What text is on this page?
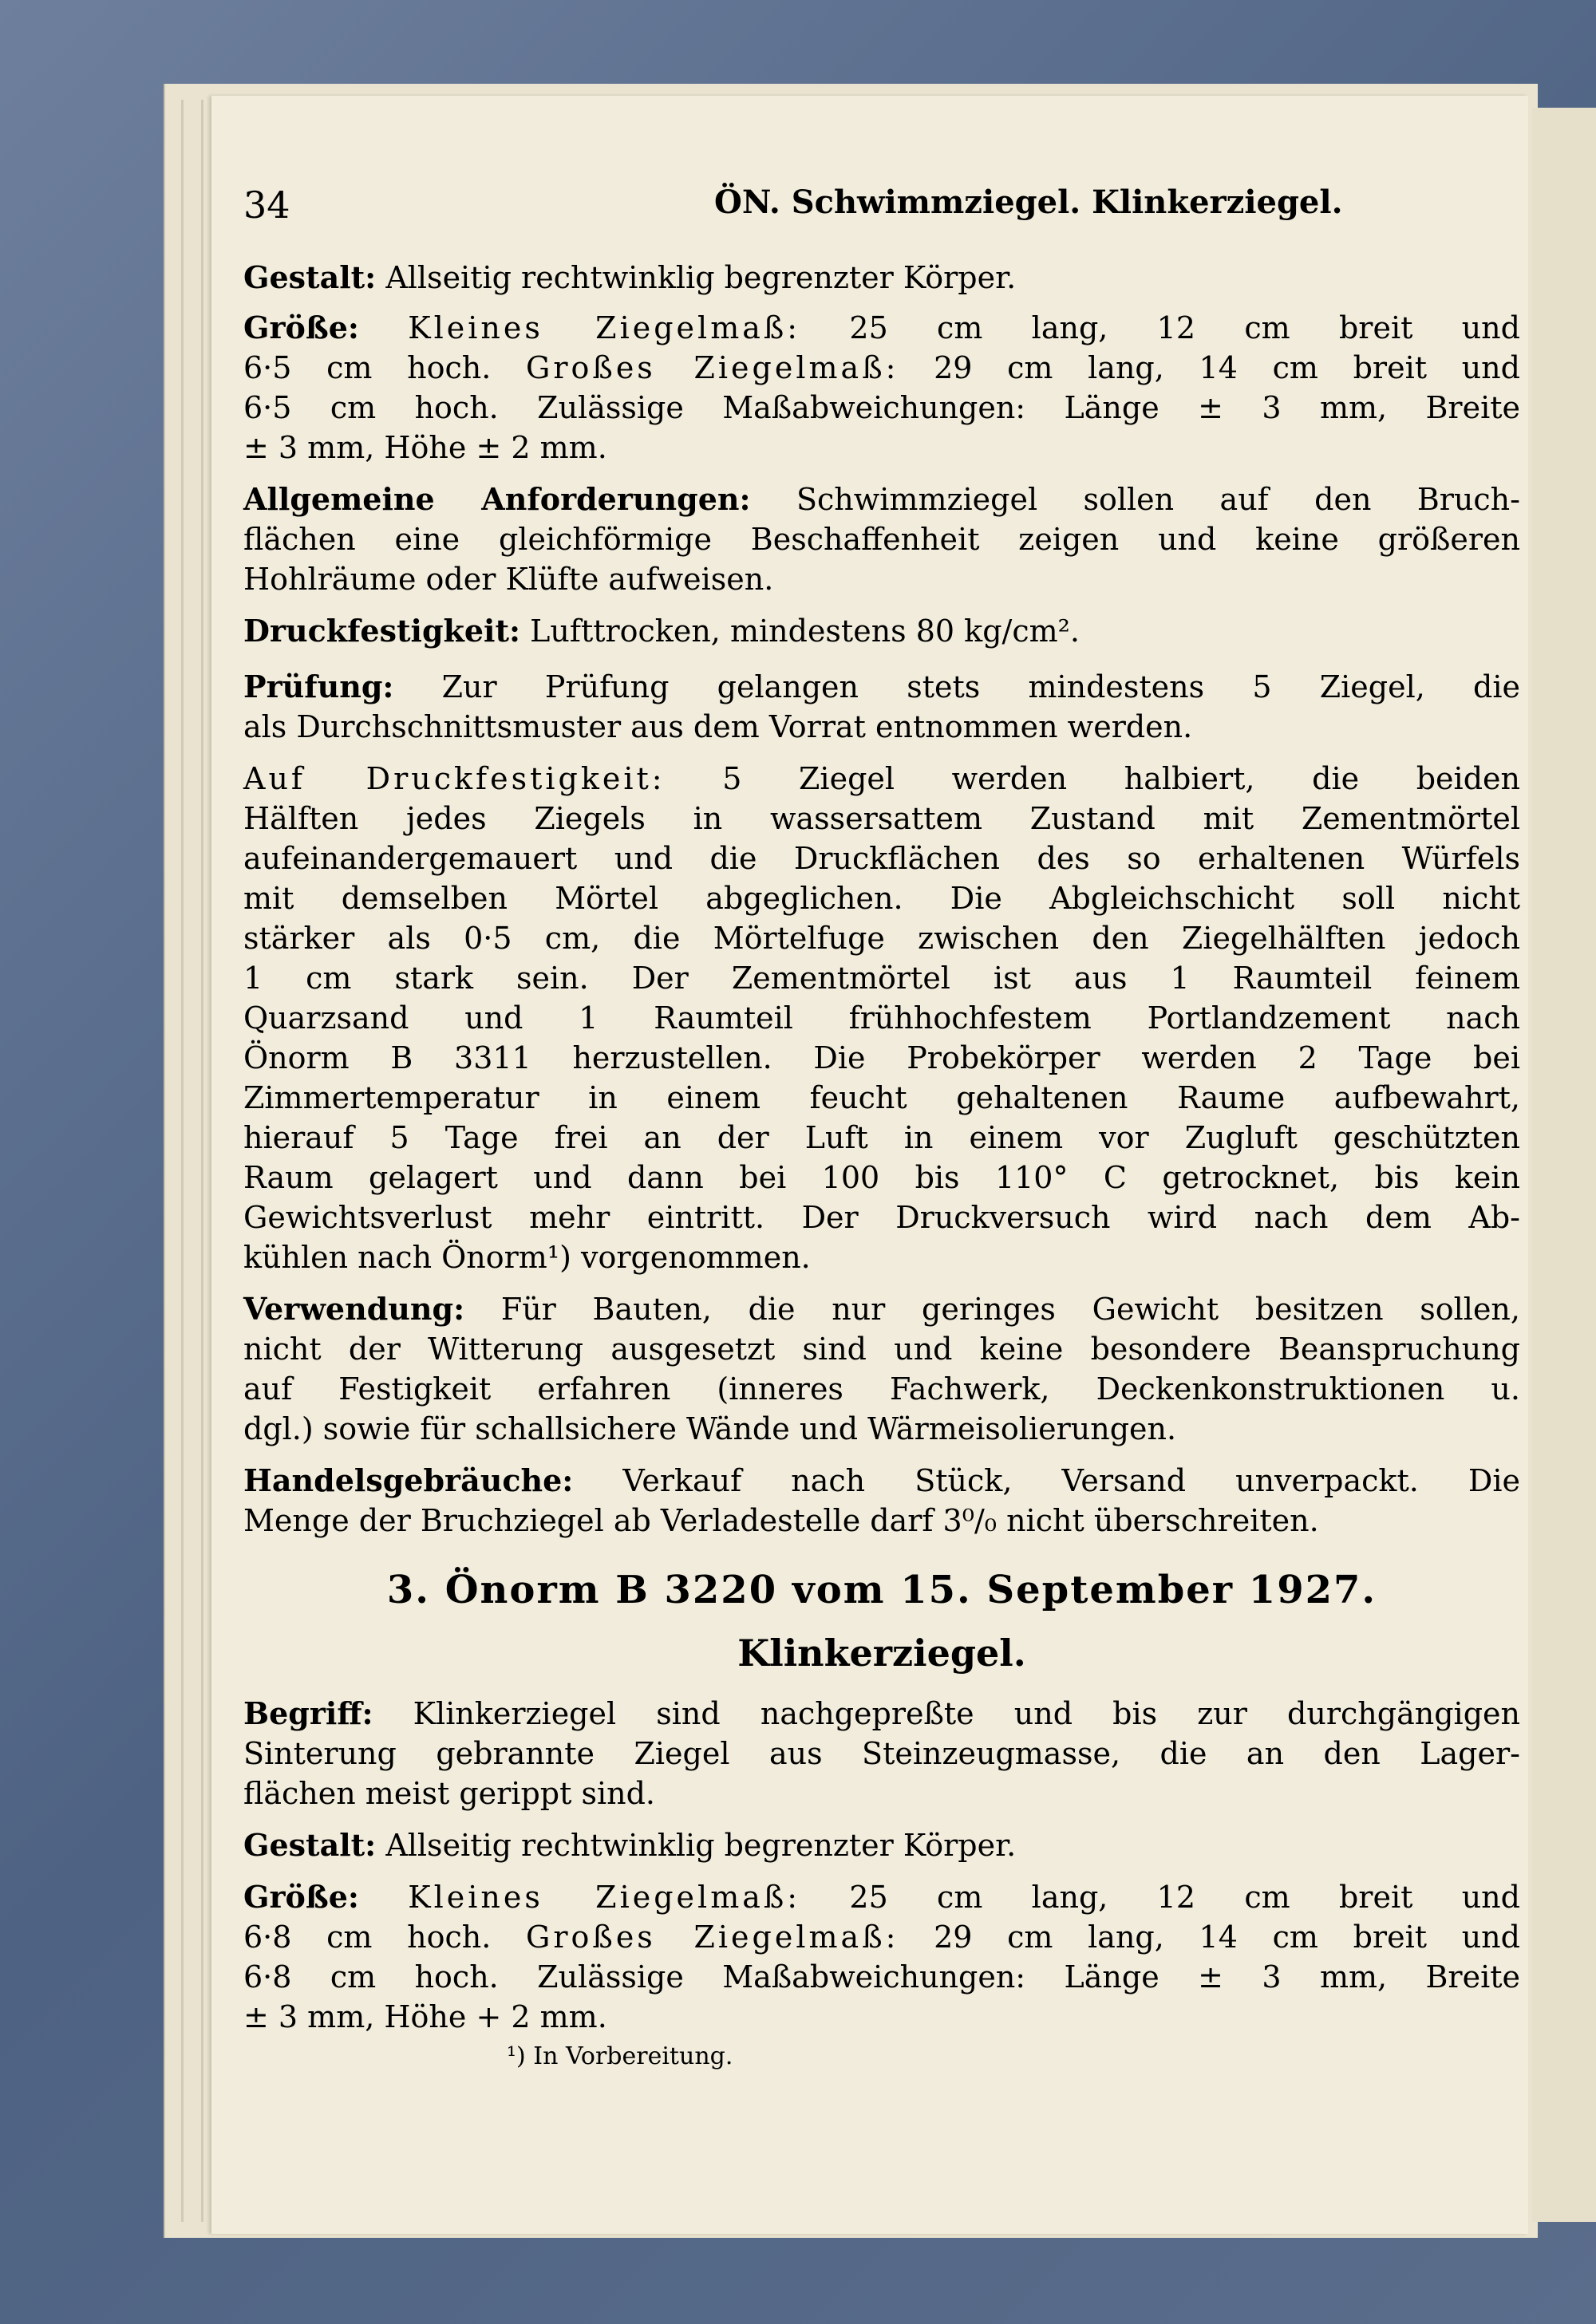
34	ÖN. Schwimmziegel. Klinkerziegel.
Gestalt: Allseitig rechtwinklig begrenzter Körper.
Größe: Kleines Ziegelmaß: 25 cm lang, 12 cm breit und
6·5 cm hoch. Großes Ziegelmaß: 29 cm lang, 14 cm breit und
6·5 cm hoch. Zulässige Maßabweichungen: Länge ± 3 mm, Breite
± 3 mm, Höhe ± 2 mm.
Allgemeine Anforderungen: Schwimmziegel sollen auf den Bruch-
flächen eine gleichförmige Beschaffenheit zeigen und keine größeren
Hohlräume oder Klüfte aufweisen.
Druckfestigkeit: Lufttrocken, mindestens 80 kg/cm².
Prüfung: Zur Prüfung gelangen stets mindestens 5 Ziegel, die
als Durchschnittsmuster aus dem Vorrat entnommen werden.
Auf Druckfestigkeit: 5 Ziegel werden halbiert, die beiden
Hälften jedes Ziegels in wassersattem Zustand mit Zementmörtel
aufeinandergemauert und die Druckflächen des so erhaltenen Würfels
mit demselben Mörtel abgeglichen. Die Abgleichschicht soll nicht
stärker als 0·5 cm, die Mörtelfuge zwischen den Ziegelhälften jedoch
1 cm stark sein. Der Zementmörtel ist aus 1 Raumteil feinem
Quarzsand und 1 Raumteil frühhochfestem Portlandzement nach
Önorm B 3311 herzustellen. Die Probekörper werden 2 Tage bei
Zimmertemperatur in einem feucht gehaltenen Raume aufbewahrt,
hierauf 5 Tage frei an der Luft in einem vor Zugluft geschützten
Raum gelagert und dann bei 100 bis 110° C getrocknet, bis kein
Gewichtsverlust mehr eintritt. Der Druckversuch wird nach dem Ab-
kühlen nach Önorm¹) vorgenommen.
Verwendung: Für Bauten, die nur geringes Gewicht besitzen sollen,
nicht der Witterung ausgesetzt sind und keine besondere Beanspruchung
auf Festigkeit erfahren (inneres Fachwerk, Deckenkonstruktionen u.
dgl.) sowie für schallsichere Wände und Wärmeisolierungen.
Handelsgebräuche: Verkauf nach Stück, Versand unverpackt. Die
Menge der Bruchziegel ab Verladestelle darf 3⁰/₀ nicht überschreiten.
3. Önorm B 3220 vom 15. September 1927.
Klinkerziegel.
Begriff: Klinkerziegel sind nachgepreßte und bis zur durchgängigen
Sinterung gebrannte Ziegel aus Steinzeugmasse, die an den Lager-
flächen meist gerippt sind.
Gestalt: Allseitig rechtwinklig begrenzter Körper.
Größe: Kleines Ziegelmaß: 25 cm lang, 12 cm breit und
6·8 cm hoch. Großes Ziegelmaß: 29 cm lang, 14 cm breit und
6·8 cm hoch. Zulässige Maßabweichungen: Länge ± 3 mm, Breite
± 3 mm, Höhe + 2 mm.
¹) In Vorbereitung.
